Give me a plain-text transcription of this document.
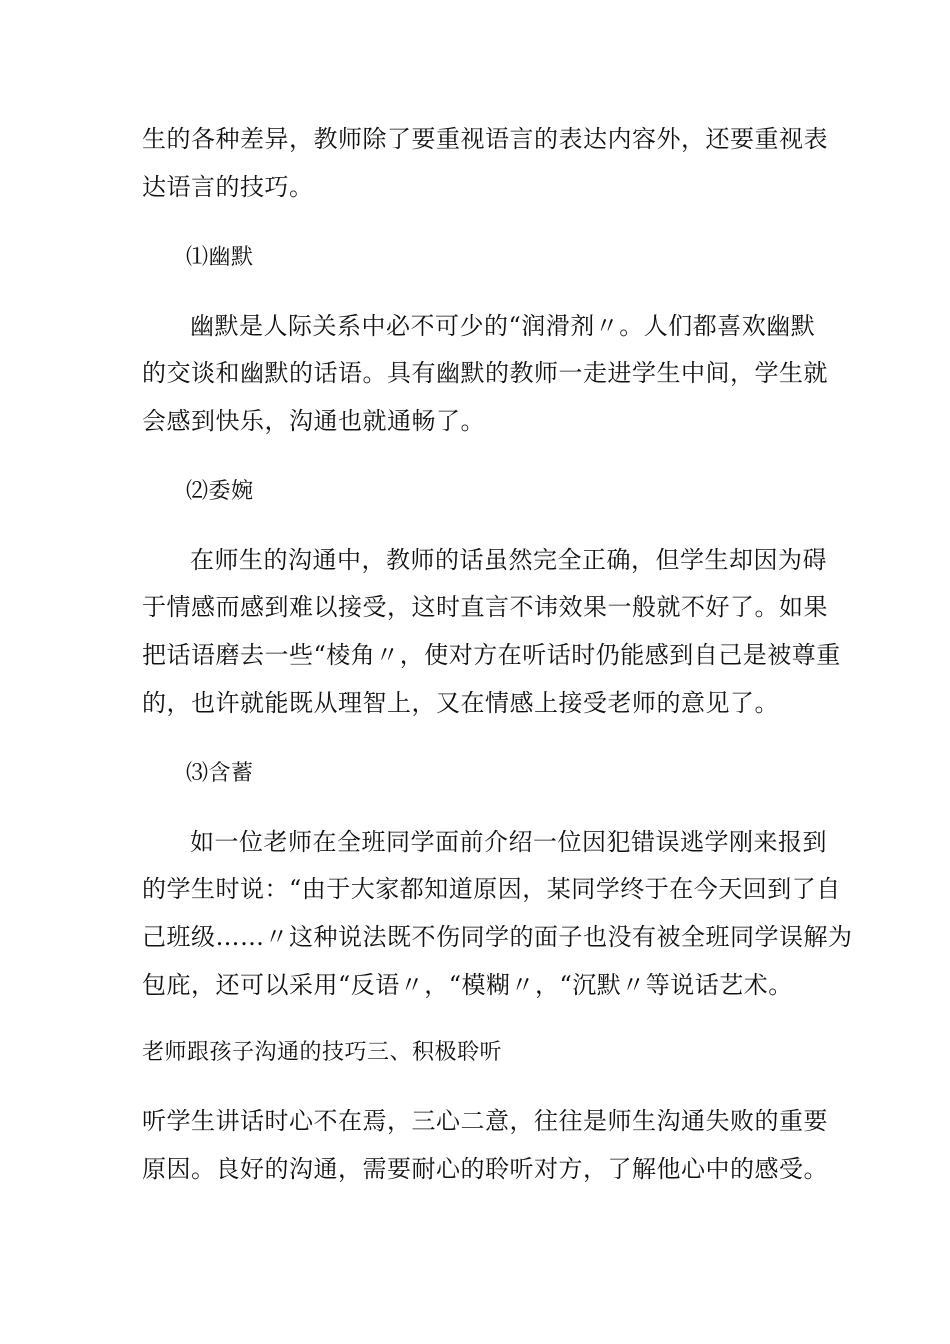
生的各种差异，教师除了要重视语言的表达内容外，还要重视表
达语言的技巧。
⑴幽默
幽默是人际关系中必不可少的“润滑剂〃。人们都喜欢幽默
的交谈和幽默的话语。具有幽默的教师一走进学生中间，学生就
会感到快乐，沟通也就通畅了。
⑵委婉
在师生的沟通中，教师的话虽然完全正确，但学生却因为碍
于情感而感到难以接受，这时直言不讳效果一般就不好了。如果
把话语磨去一些“棱角〃，使对方在听话时仍能感到自己是被尊重
的，也许就能既从理智上，又在情感上接受老师的意见了。
⑶含蓄
如一位老师在全班同学面前介绍一位因犯错误逃学刚来报到
的学生时说：“由于大家都知道原因，某同学终于在今天回到了自
己班级……〃这种说法既不伤同学的面子也没有被全班同学误解为
包庇，还可以采用“反语〃，“模糊〃，“沉默〃等说话艺术。
老师跟孩子沟通的技巧三、积极聆听
听学生讲话时心不在焉，三心二意，往往是师生沟通失败的重要
原因。良好的沟通，需要耐心的聆听对方，了解他心中的感受。
